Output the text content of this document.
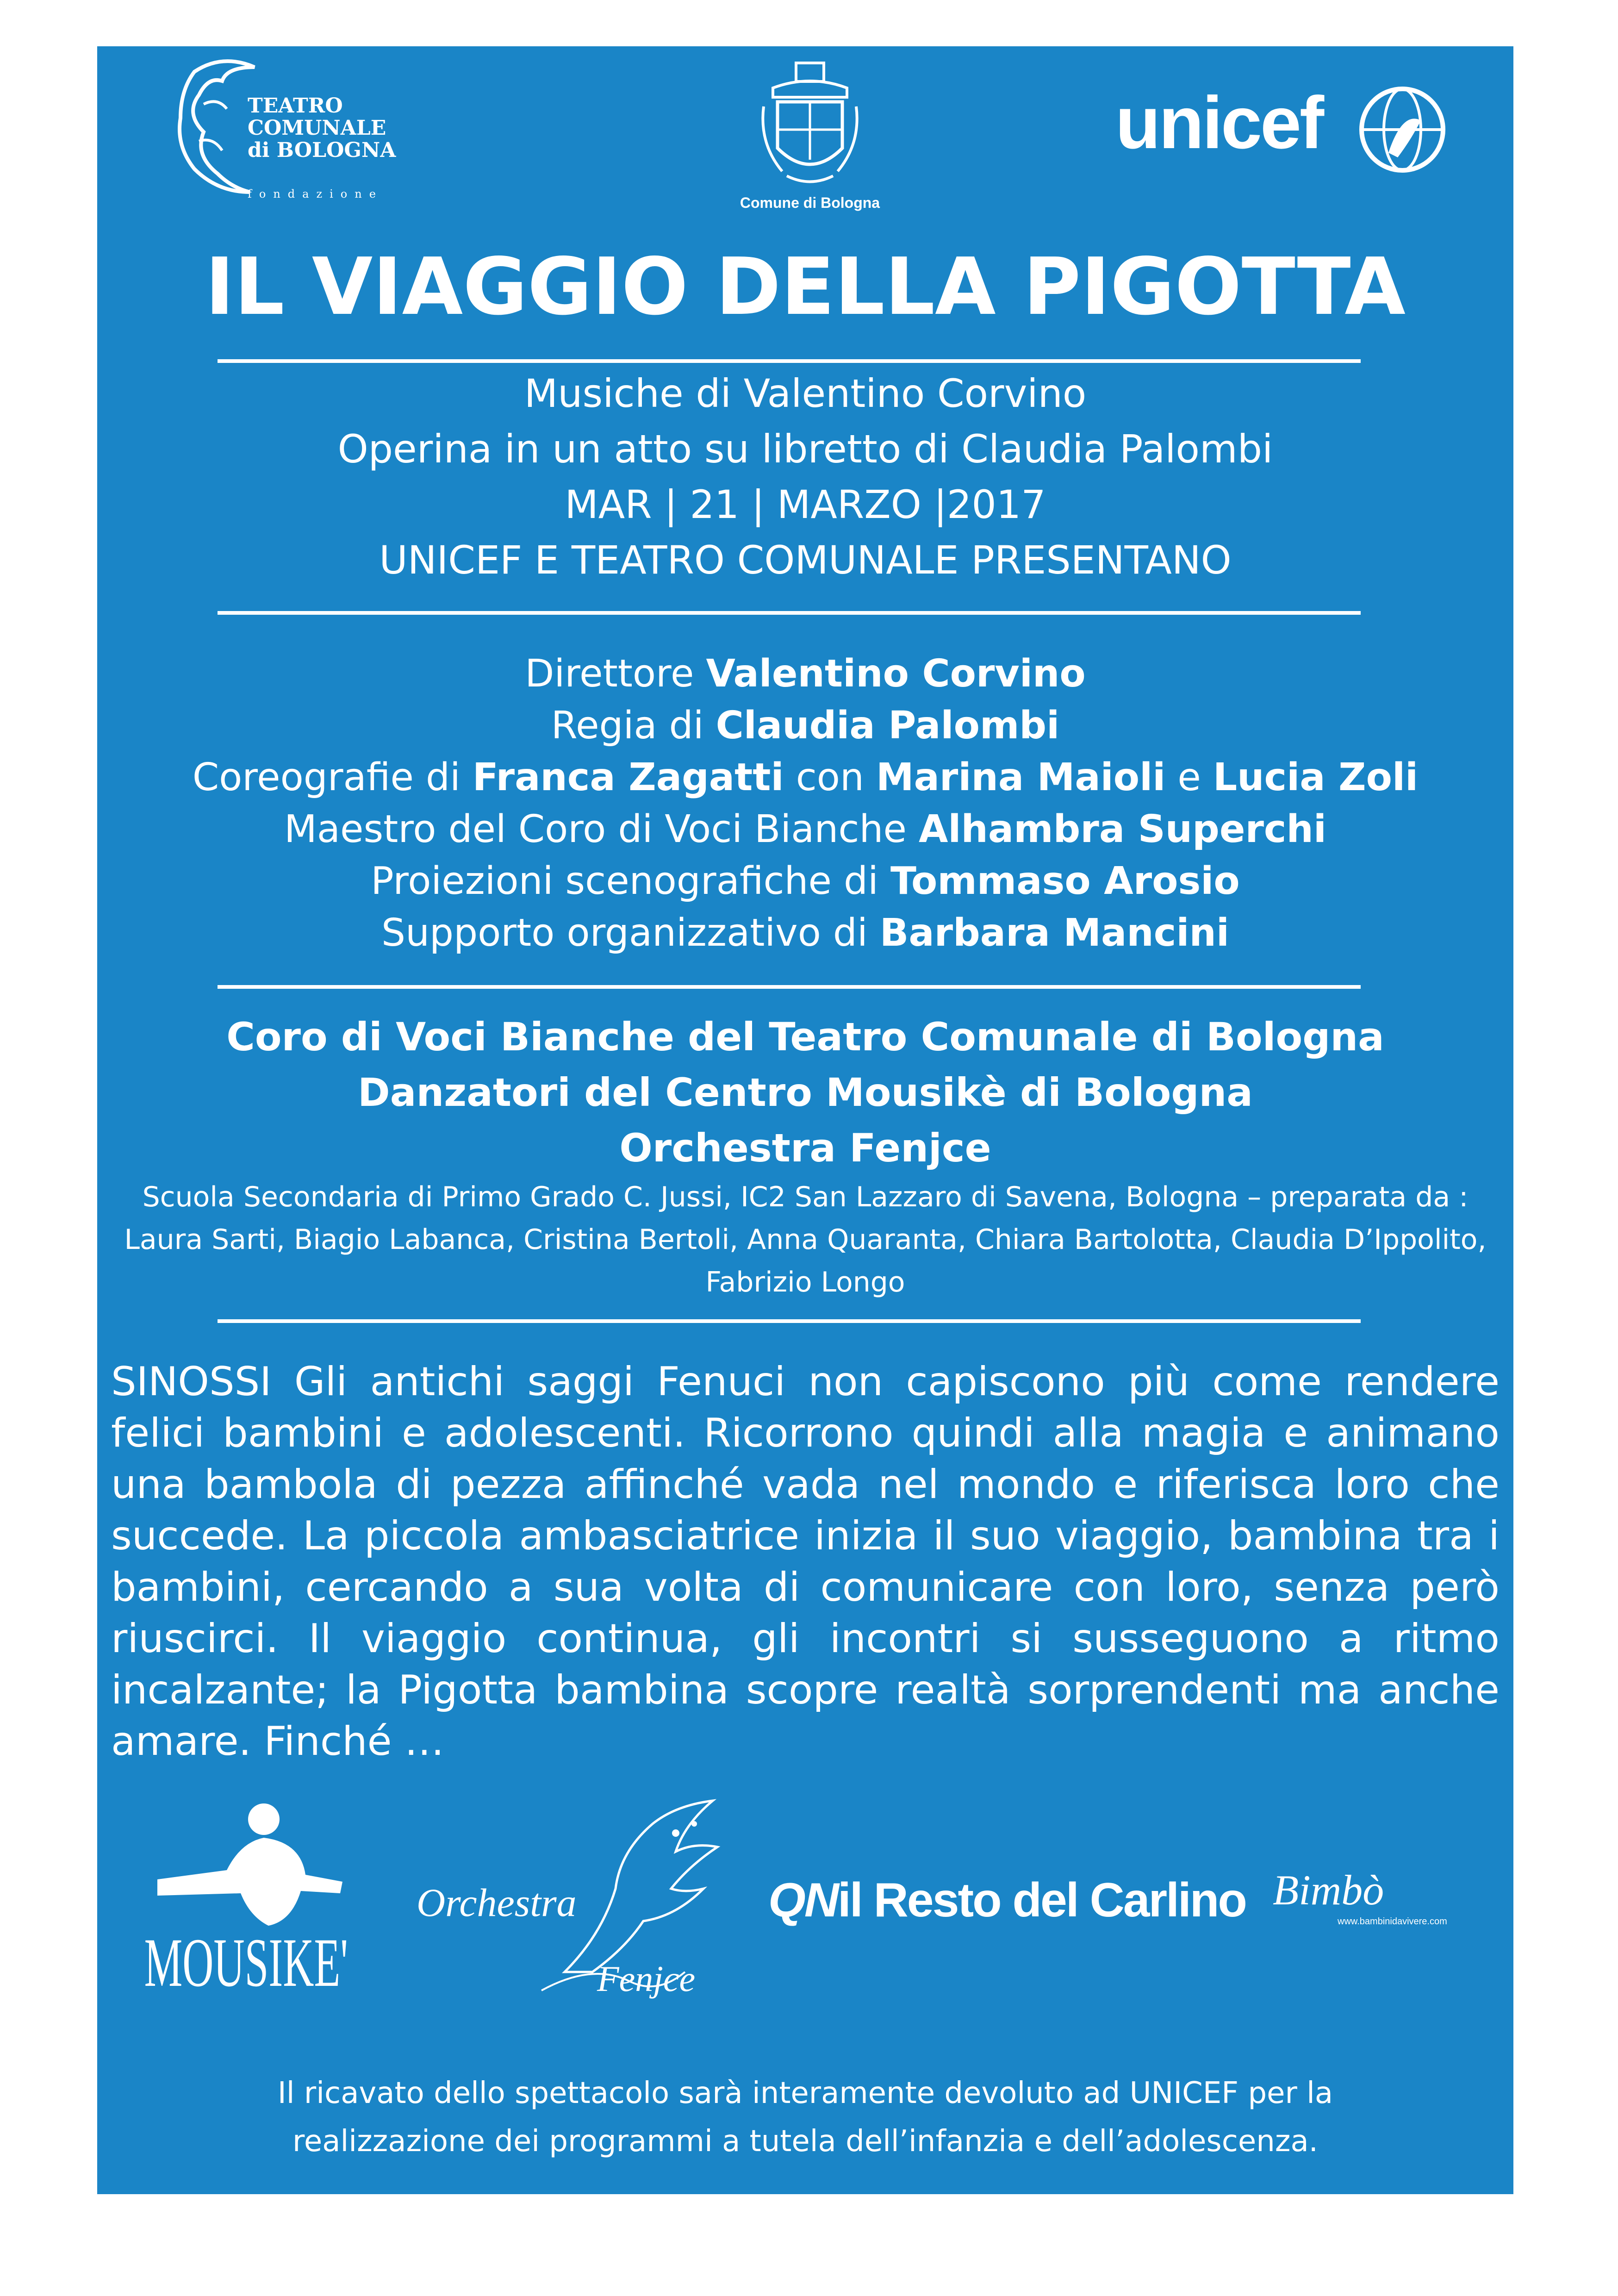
TEATRO
COMUNALE
di BOLOGNA
fondazione
Comune di Bologna
unicef
IL VIAGGIO DELLA PIGOTTA
Musiche di Valentino Corvino
Operina in un atto su libretto di Claudia Palombi
MAR | 21 | MARZO |2017
UNICEF E TEATRO COMUNALE PRESENTANO
Direttore Valentino Corvino
Regia di Claudia Palombi
Coreografie di Franca Zagatti con Marina Maioli e Lucia Zoli
Maestro del Coro di Voci Bianche Alhambra Superchi
Proiezioni scenografiche di Tommaso Arosio
Supporto organizzativo di Barbara Mancini
Coro di Voci Bianche del Teatro Comunale di Bologna
Danzatori del Centro Mousikè di Bologna
Orchestra Fenjce
Scuola Secondaria di Primo Grado C. Jussi, IC2 San Lazzaro di Savena, Bologna – preparata da :
Laura Sarti, Biagio Labanca, Cristina Bertoli, Anna Quaranta, Chiara Bartolotta, Claudia D’Ippolito,
Fabrizio Longo
SINOSSI Gli antichi saggi Fenuci non capiscono più come rendere felici bambini e adolescenti. Ricorrono quindi alla magia e animano una bambola di pezza affinché vada nel mondo e riferisca loro che succede. La piccola ambasciatrice inizia il suo viaggio, bambina tra i bambini, cercando a sua volta di comunicare con loro, senza però riuscirci. Il viaggio continua, gli incontri si susseguono a ritmo incalzante; la Pigotta bambina scopre realtà sorprendenti ma anche amare. Finché …
MOUSIKE'
Orchestra
Fenjce
QNil Resto del Carlino Bimbò
www.bambinidavivere.com
Il ricavato dello spettacolo sarà interamente devoluto ad UNICEF per la
realizzazione dei programmi a tutela dell’infanzia e dell’adolescenza.
